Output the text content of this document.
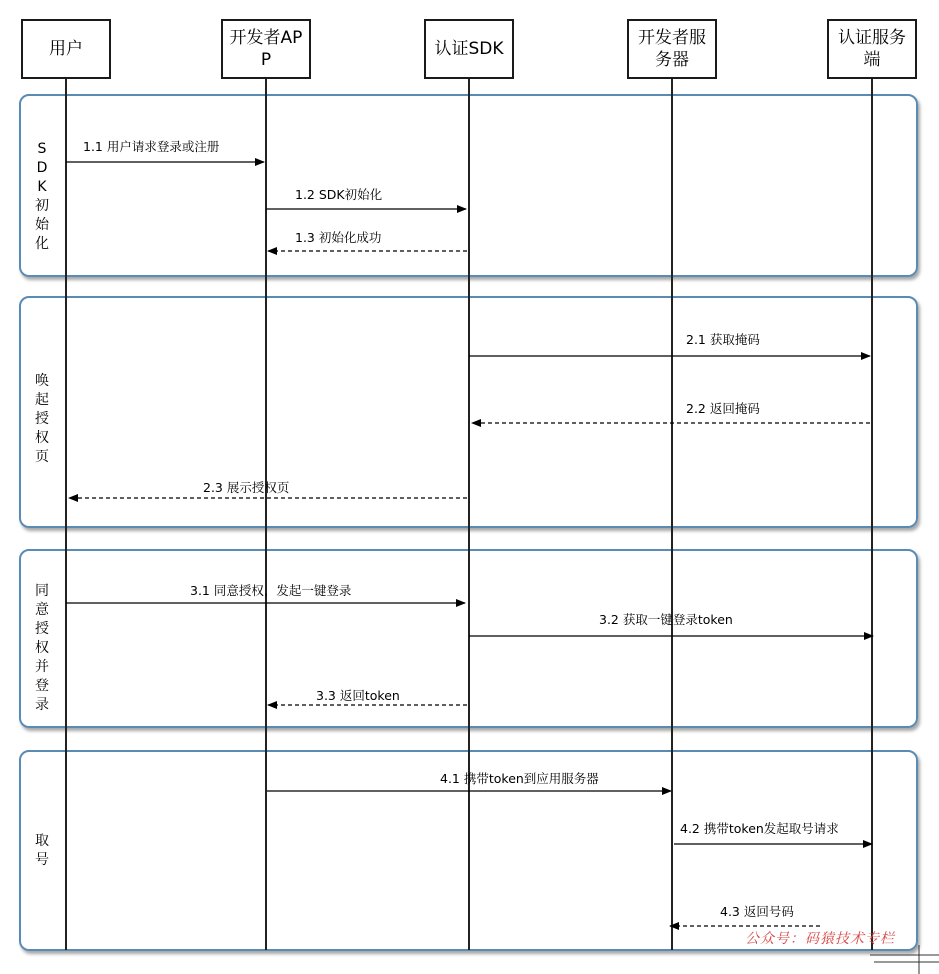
S
D
K
初
始
化
唤
起
授
权
页
同
意
授
权
并
登
录
取
号
用户
开发者AP
P
认证SDK
开发者服
务器
认证服务
端
1.1 用户请求登录或注册
1.2 SDK初始化
1.3 初始化成功
2.1 获取掩码
2.2 返回掩码
2.3 展示授权页
3.1 同意授权，发起一键登录
3.2 获取一键登录token
3.3 返回token
4.1 携带token到应用服务器
4.2 携带token发起取号请求
4.3 返回号码
公众号：码猿技术专栏
